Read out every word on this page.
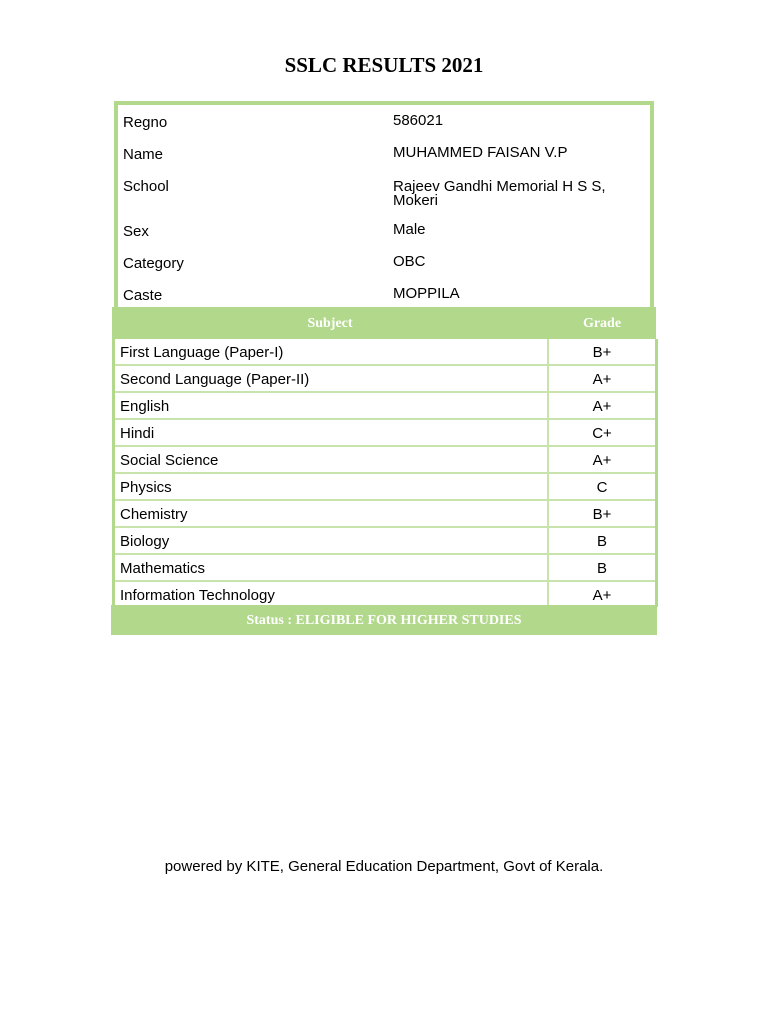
SSLC RESULTS 2021
Regno	586021
Name	MUHAMMED FAISAN V.P
School	Rajeev Gandhi Memorial H S S, Mokeri
Sex	Male
Category	OBC
Caste	MOPPILA
Subject	Grade
First Language (Paper-I)	B+
Second Language (Paper-II)	A+
English	A+
Hindi	C+
Social Science	A+
Physics	C
Chemistry	B+
Biology	B
Mathematics	B
Information Technology	A+
Status : ELIGIBLE FOR HIGHER STUDIES
powered by KITE, General Education Department, Govt of Kerala.
